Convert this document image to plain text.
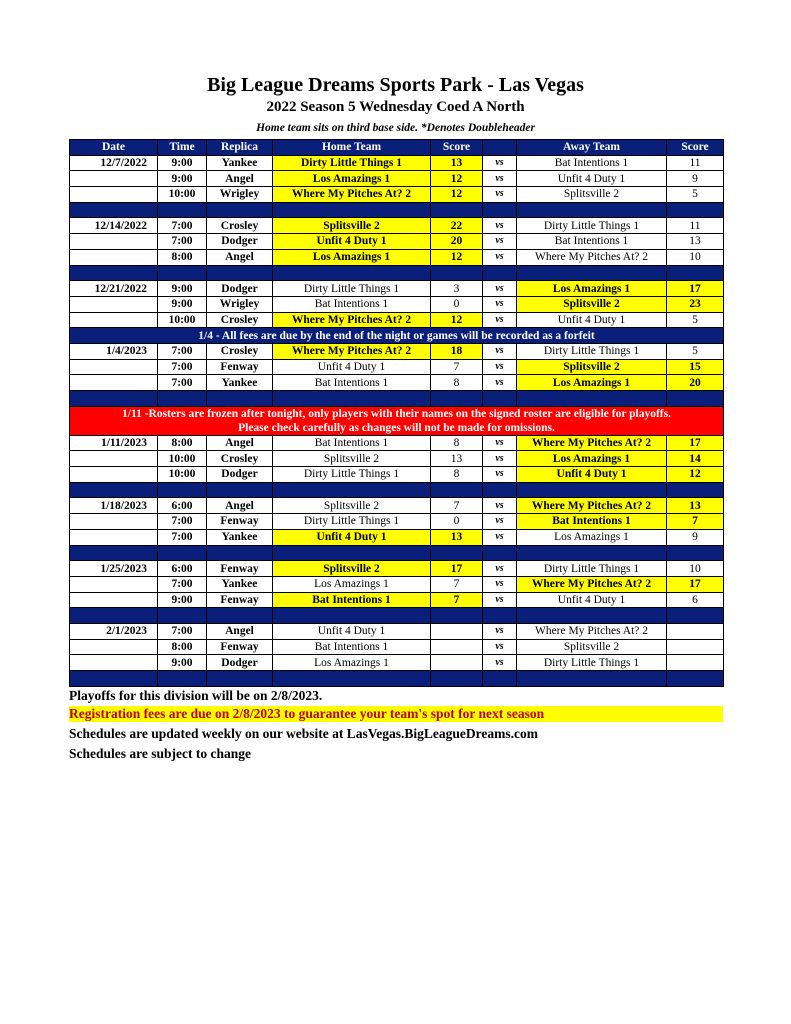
Big League Dreams Sports Park - Las Vegas
2022 Season 5 Wednesday Coed A North
Home team sits on third base side. *Denotes Doubleheader
Date	Time	Replica	Home Team	Score		Away Team	Score
12/7/2022	9:00	Yankee	Dirty Little Things 1	13	vs	Bat Intentions 1	11
	9:00	Angel	Los Amazings 1	12	vs	Unfit 4 Duty 1	9
	10:00	Wrigley	Where My Pitches At? 2	12	vs	Splitsville 2	5

12/14/2022	7:00	Crosley	Splitsville 2	22	vs	Dirty Little Things 1	11
	7:00	Dodger	Unfit 4 Duty 1	20	vs	Bat Intentions 1	13
	8:00	Angel	Los Amazings 1	12	vs	Where My Pitches At? 2	10

12/21/2022	9:00	Dodger	Dirty Little Things 1	3	vs	Los Amazings 1	17
	9:00	Wrigley	Bat Intentions 1	0	vs	Splitsville 2	23
	10:00	Crosley	Where My Pitches At? 2	12	vs	Unfit 4 Duty 1	5
1/4 - All fees are due by the end of the night or games will be recorded as a forfeit							
1/4/2023	7:00	Crosley	Where My Pitches At? 2	18	vs	Dirty Little Things 1	5
	7:00	Fenway	Unfit 4 Duty 1	7	vs	Splitsville 2	15
	7:00	Yankee	Bat Intentions 1	8	vs	Los Amazings 1	20

1/11 -Rosters are frozen after tonight, only players with their names on the signed roster are eligible for playoffs.
Please check carefully as changes will not be made for omissions.							
1/11/2023	8:00	Angel	Bat Intentions 1	8	vs	Where My Pitches At? 2	17
	10:00	Crosley	Splitsville 2	13	vs	Los Amazings 1	14
	10:00	Dodger	Dirty Little Things 1	8	vs	Unfit 4 Duty 1	12

1/18/2023	6:00	Angel	Splitsville 2	7	vs	Where My Pitches At? 2	13
	7:00	Fenway	Dirty Little Things 1	0	vs	Bat Intentions 1	7
	7:00	Yankee	Unfit 4 Duty 1	13	vs	Los Amazings 1	9

1/25/2023	6:00	Fenway	Splitsville 2	17	vs	Dirty Little Things 1	10
	7:00	Yankee	Los Amazings 1	7	vs	Where My Pitches At? 2	17
	9:00	Fenway	Bat Intentions 1	7	vs	Unfit 4 Duty 1	6

2/1/2023	7:00	Angel	Unfit 4 Duty 1		vs	Where My Pitches At? 2	
	8:00	Fenway	Bat Intentions 1		vs	Splitsville 2	
	9:00	Dodger	Los Amazings 1		vs	Dirty Little Things 1	

Playoffs for this division will be on 2/8/2023.
Registration fees are due on 2/8/2023 to guarantee your team's spot for next season
Schedules are updated weekly on our website at LasVegas.BigLeagueDreams.com
Schedules are subject to change
